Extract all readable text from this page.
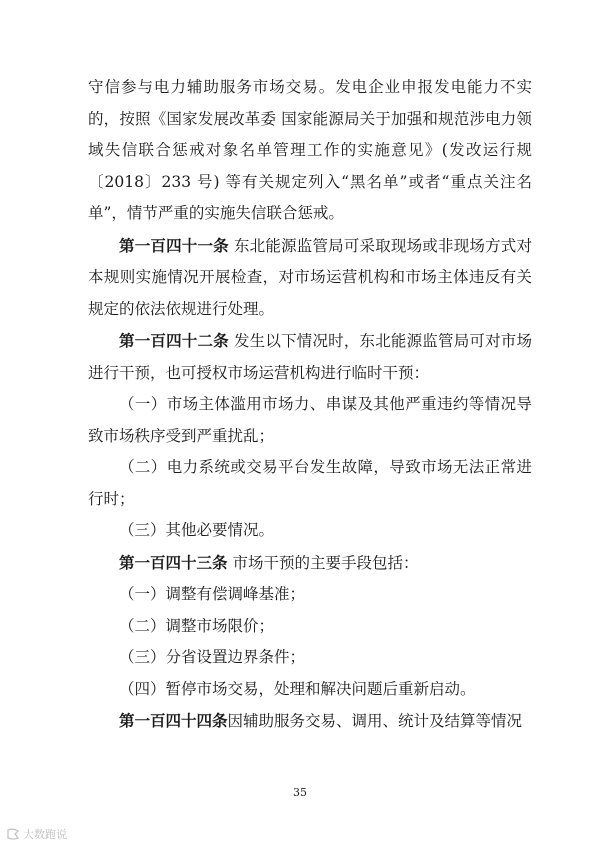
守信参与电力辅助服务市场交易。发电企业申报发电能力不实的，按照《国家发展改革委 国家能源局关于加强和规范涉电力领域失信联合惩戒对象名单管理工作的实施意见》(发改运行规〔2018〕233 号) 等有关规定列入“黑名单”或者“重点关注名单”，情节严重的实施失信联合惩戒。

第一百四十一条 东北能源监管局可采取现场或非现场方式对本规则实施情况开展检查，对市场运营机构和市场主体违反有关规定的依法依规进行处理。

第一百四十二条 发生以下情况时，东北能源监管局可对市场进行干预，也可授权市场运营机构进行临时干预：

（一）市场主体滥用市场力、串谋及其他严重违约等情况导致市场秩序受到严重扰乱；

（二）电力系统或交易平台发生故障，导致市场无法正常进行时；

（三）其他必要情况。

第一百四十三条 市场干预的主要手段包括：

（一）调整有偿调峰基准；

（二）调整市场限价；

（三）分省设置边界条件；

（四）暂停市场交易，处理和解决问题后重新启动。

第一百四十四条因辅助服务交易、调用、统计及结算等情况

35
大数跑说
